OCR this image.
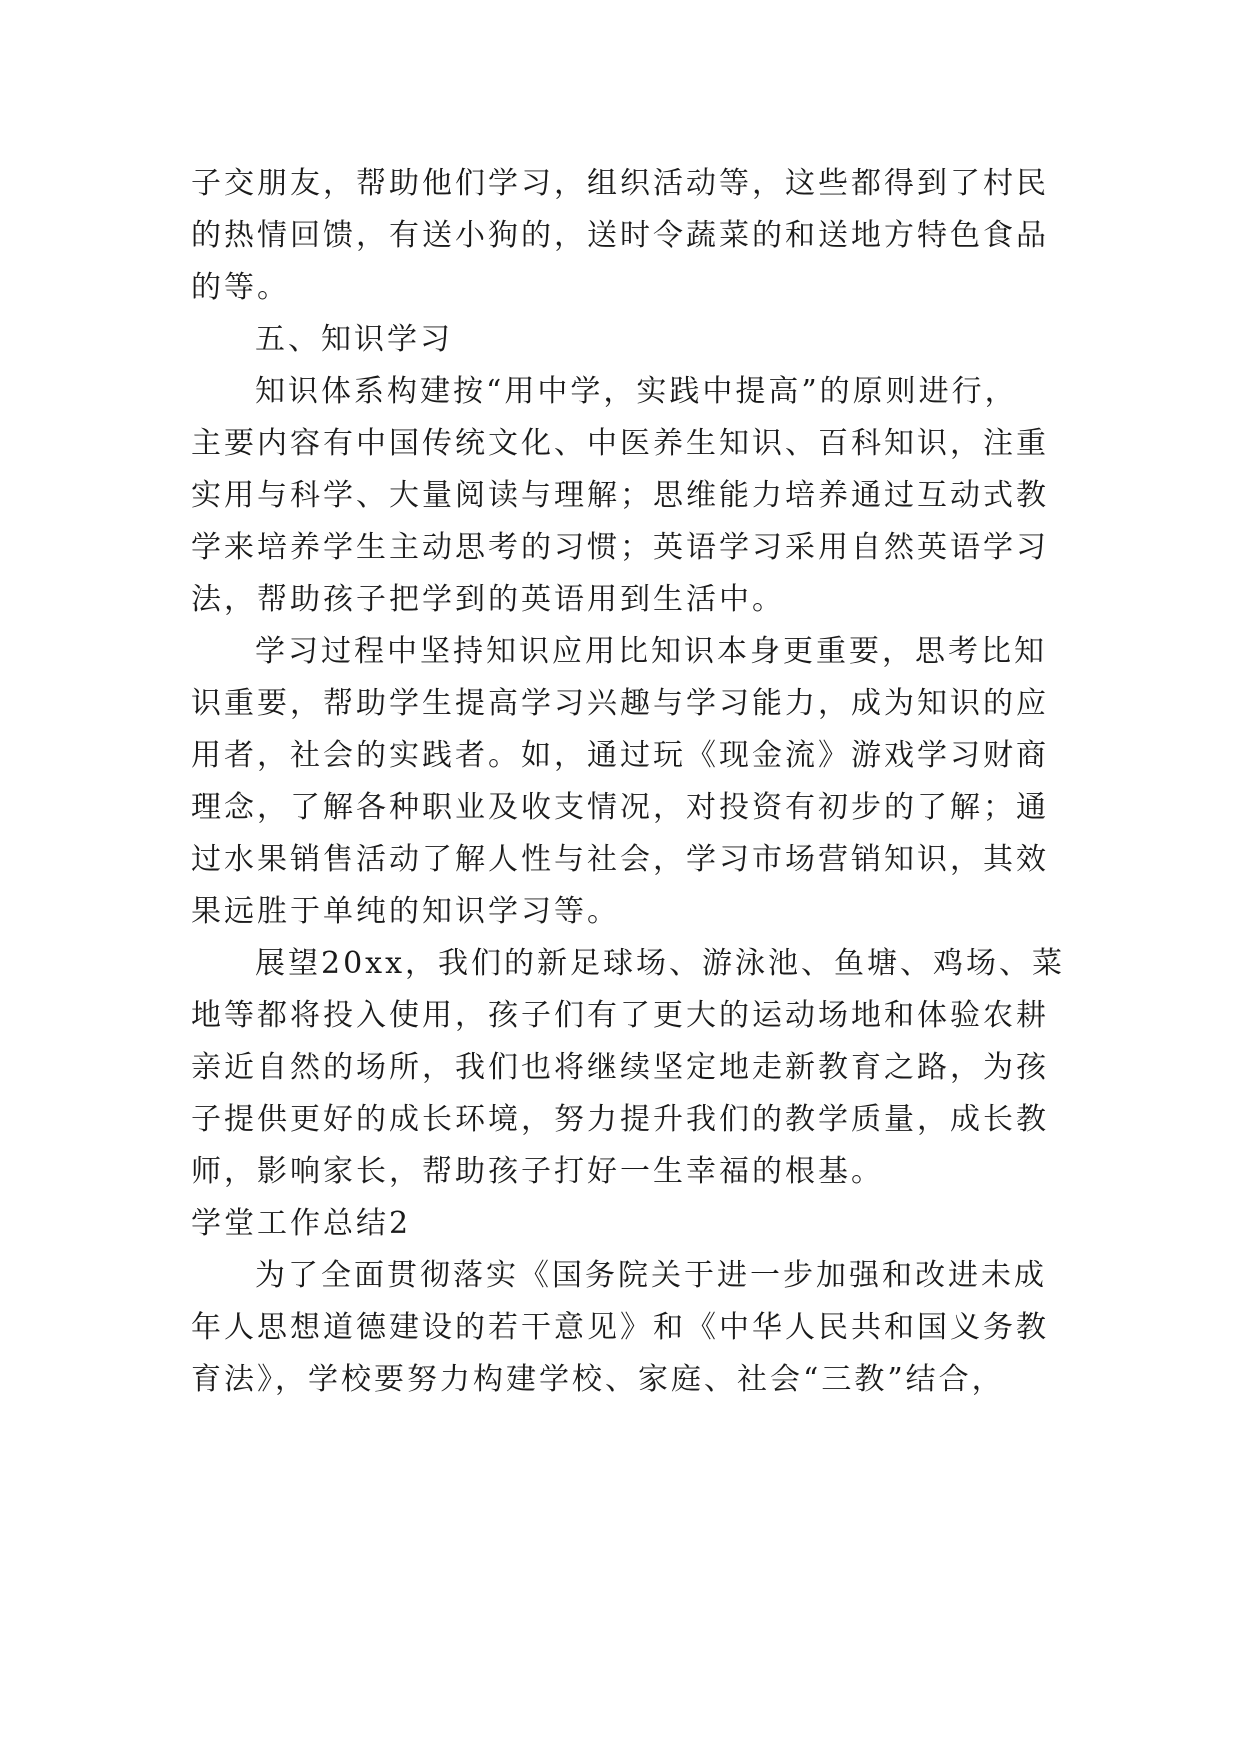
子交朋友，帮助他们学习，组织活动等，这些都得到了村民
的热情回馈，有送小狗的，送时令蔬菜的和送地方特色食品
的等。
五、知识学习
知识体系构建按“用中学，实践中提高”的原则进行，
主要内容有中国传统文化、中医养生知识、百科知识，注重
实用与科学、大量阅读与理解；思维能力培养通过互动式教
学来培养学生主动思考的习惯；英语学习采用自然英语学习
法，帮助孩子把学到的英语用到生活中。
学习过程中坚持知识应用比知识本身更重要，思考比知
识重要，帮助学生提高学习兴趣与学习能力，成为知识的应
用者，社会的实践者。如，通过玩《现金流》游戏学习财商
理念，了解各种职业及收支情况，对投资有初步的了解；通
过水果销售活动了解人性与社会，学习市场营销知识，其效
果远胜于单纯的知识学习等。
展望20xx，我们的新足球场、游泳池、鱼塘、鸡场、菜
地等都将投入使用，孩子们有了更大的运动场地和体验农耕
亲近自然的场所，我们也将继续坚定地走新教育之路，为孩
子提供更好的成长环境，努力提升我们的教学质量，成长教
师，影响家长，帮助孩子打好一生幸福的根基。
学堂工作总结2
为了全面贯彻落实《国务院关于进一步加强和改进未成
年人思想道德建设的若干意见》和《中华人民共和国义务教
育法》，学校要努力构建学校、家庭、社会“三教”结合，
